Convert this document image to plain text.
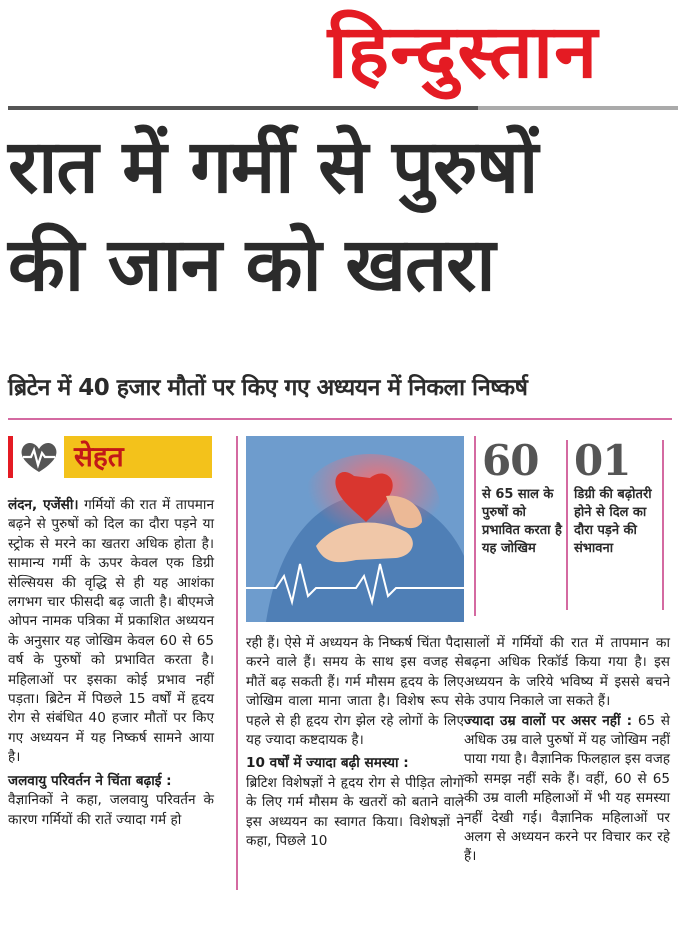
हिन्दुस्तान
रात में गर्मी से पुरुषों
की जान को खतरा
ब्रिटेन में 40 हजार मौतों पर किए गए अध्ययन में निकला निष्कर्ष
सेहत

लंदन, एजेंसी। गर्मियों की रात में तापमान बढ़ने से पुरुषों को दिल का दौरा पड़ने या स्ट्रोक से मरने का खतरा अधिक होता है। सामान्य गर्मी के ऊपर केवल एक डिग्री सेल्सियस की वृद्धि से ही यह आशंका लगभग चार फीसदी बढ़ जाती है। बीएमजे ओपन नामक पत्रिका में प्रकाशित अध्ययन के अनुसार यह जोखिम केवल 60 से 65 वर्ष के पुरुषों को प्रभावित करता है। महिलाओं पर इसका कोई प्रभाव नहीं पड़ता। ब्रिटेन में पिछले 15 वर्षों में हृदय रोग से संबंधित 40 हजार मौतों पर किए गए अध्ययन में यह निष्कर्ष सामने आया है।

जलवायु परिवर्तन ने चिंता बढ़ाई :

वैज्ञानिकों ने कहा, जलवायु परिवर्तन के कारण गर्मियों की रातें ज्यादा गर्म हो

रही हैं। ऐसे में अध्ययन के निष्कर्ष चिंता पैदा करने वाले हैं। समय के साथ इस वजह से मौतें बढ़ सकती हैं। गर्म मौसम हृदय के लिए जोखिम वाला माना जाता है। विशेष रूप से पहले से ही हृदय रोग झेल रहे लोगों के लिए यह ज्यादा कष्टदायक है।

10 वर्षों में ज्यादा बढ़ी समस्या :

ब्रिटिश विशेषज्ञों ने हृदय रोग से पीड़ित लोगों के लिए गर्म मौसम के खतरों को बताने वाले इस अध्ययन का स्वागत किया। विशेषज्ञों ने कहा, पिछले 10

60
से 65 साल के पुरुषों को प्रभावित करता है यह जोखिम
01
डिग्री की बढ़ोतरी होने से दिल का दौरा पड़ने की संभावना

सालों में गर्मियों की रात में तापमान का बढ़ना अधिक रिकॉर्ड किया गया है। इस अध्ययन के जरिये भविष्य में इससे बचने के उपाय निकाले जा सकते हैं।

ज्यादा उम्र वालों पर असर नहीं : 65 से अधिक उम्र वाले पुरुषों में यह जोखिम नहीं पाया गया है। वैज्ञानिक फिलहाल इस वजह को समझ नहीं सके हैं। वहीं, 60 से 65 की उम्र वाली महिलाओं में भी यह समस्या नहीं देखी गई। वैज्ञानिक महिलाओं पर अलग से अध्ययन करने पर विचार कर रहे हैं।
